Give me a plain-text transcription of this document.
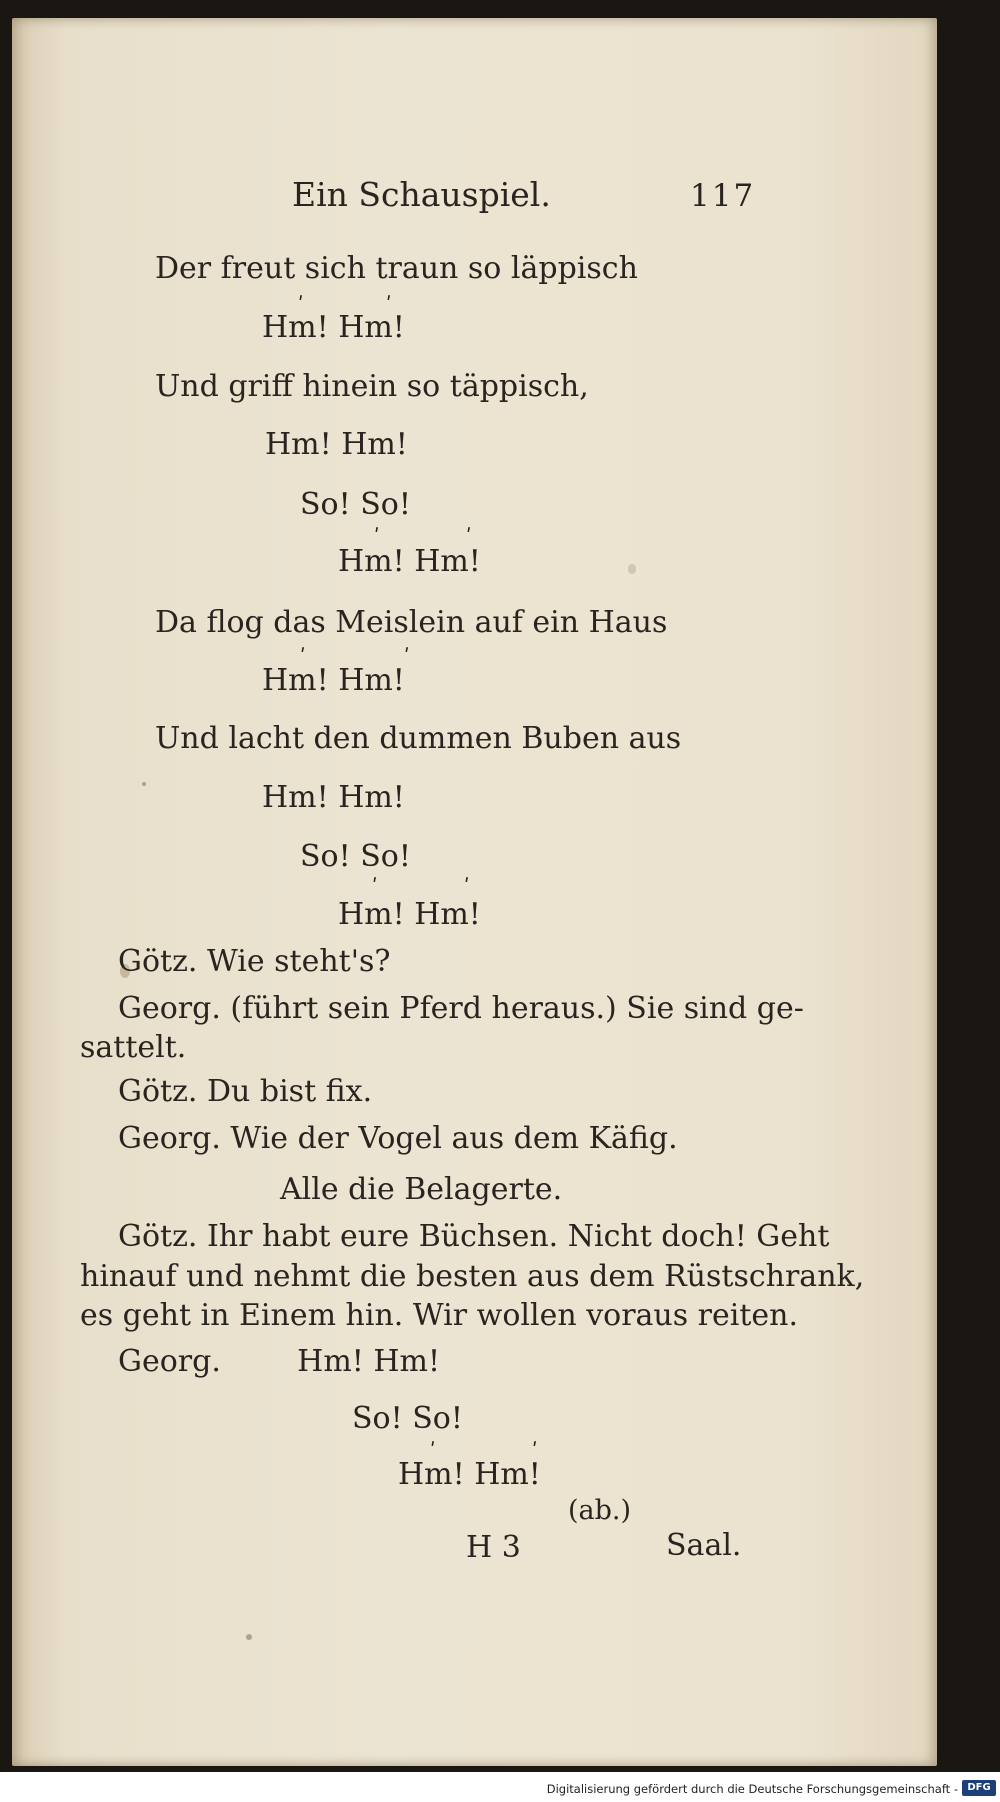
Ein Schauspiel.	117
Der freut sich traun so läppisch
ʹ	ʹ
Hm! Hm!
Und griff hinein so täppisch,
Hm! Hm!
So! So!
ʹ	ʹ
Hm! Hm!
Da flog das Meislein auf ein Haus
ʹ	ʹ
Hm! Hm!
Und lacht den dummen Buben aus
Hm! Hm!
So! So!
ʹ	ʹ
Hm! Hm!
Götz. Wie steht's?
Georg. (führt sein Pferd heraus.) Sie sind ge-
sattelt.
Götz. Du bist fix.
Georg. Wie der Vogel aus dem Käfig.
Alle die Belagerte.
Götz. Ihr habt eure Büchsen. Nicht doch! Geht
hinauf und nehmt die besten aus dem Rüstschrank,
es geht in Einem hin. Wir wollen voraus reiten.
Georg.        Hm! Hm!
So! So!
ʹ	ʹ
Hm! Hm!
(ab.)
H 3	Saal.
Digitalisierung gefördert durch die Deutsche Forschungsgemeinschaft - DFG
